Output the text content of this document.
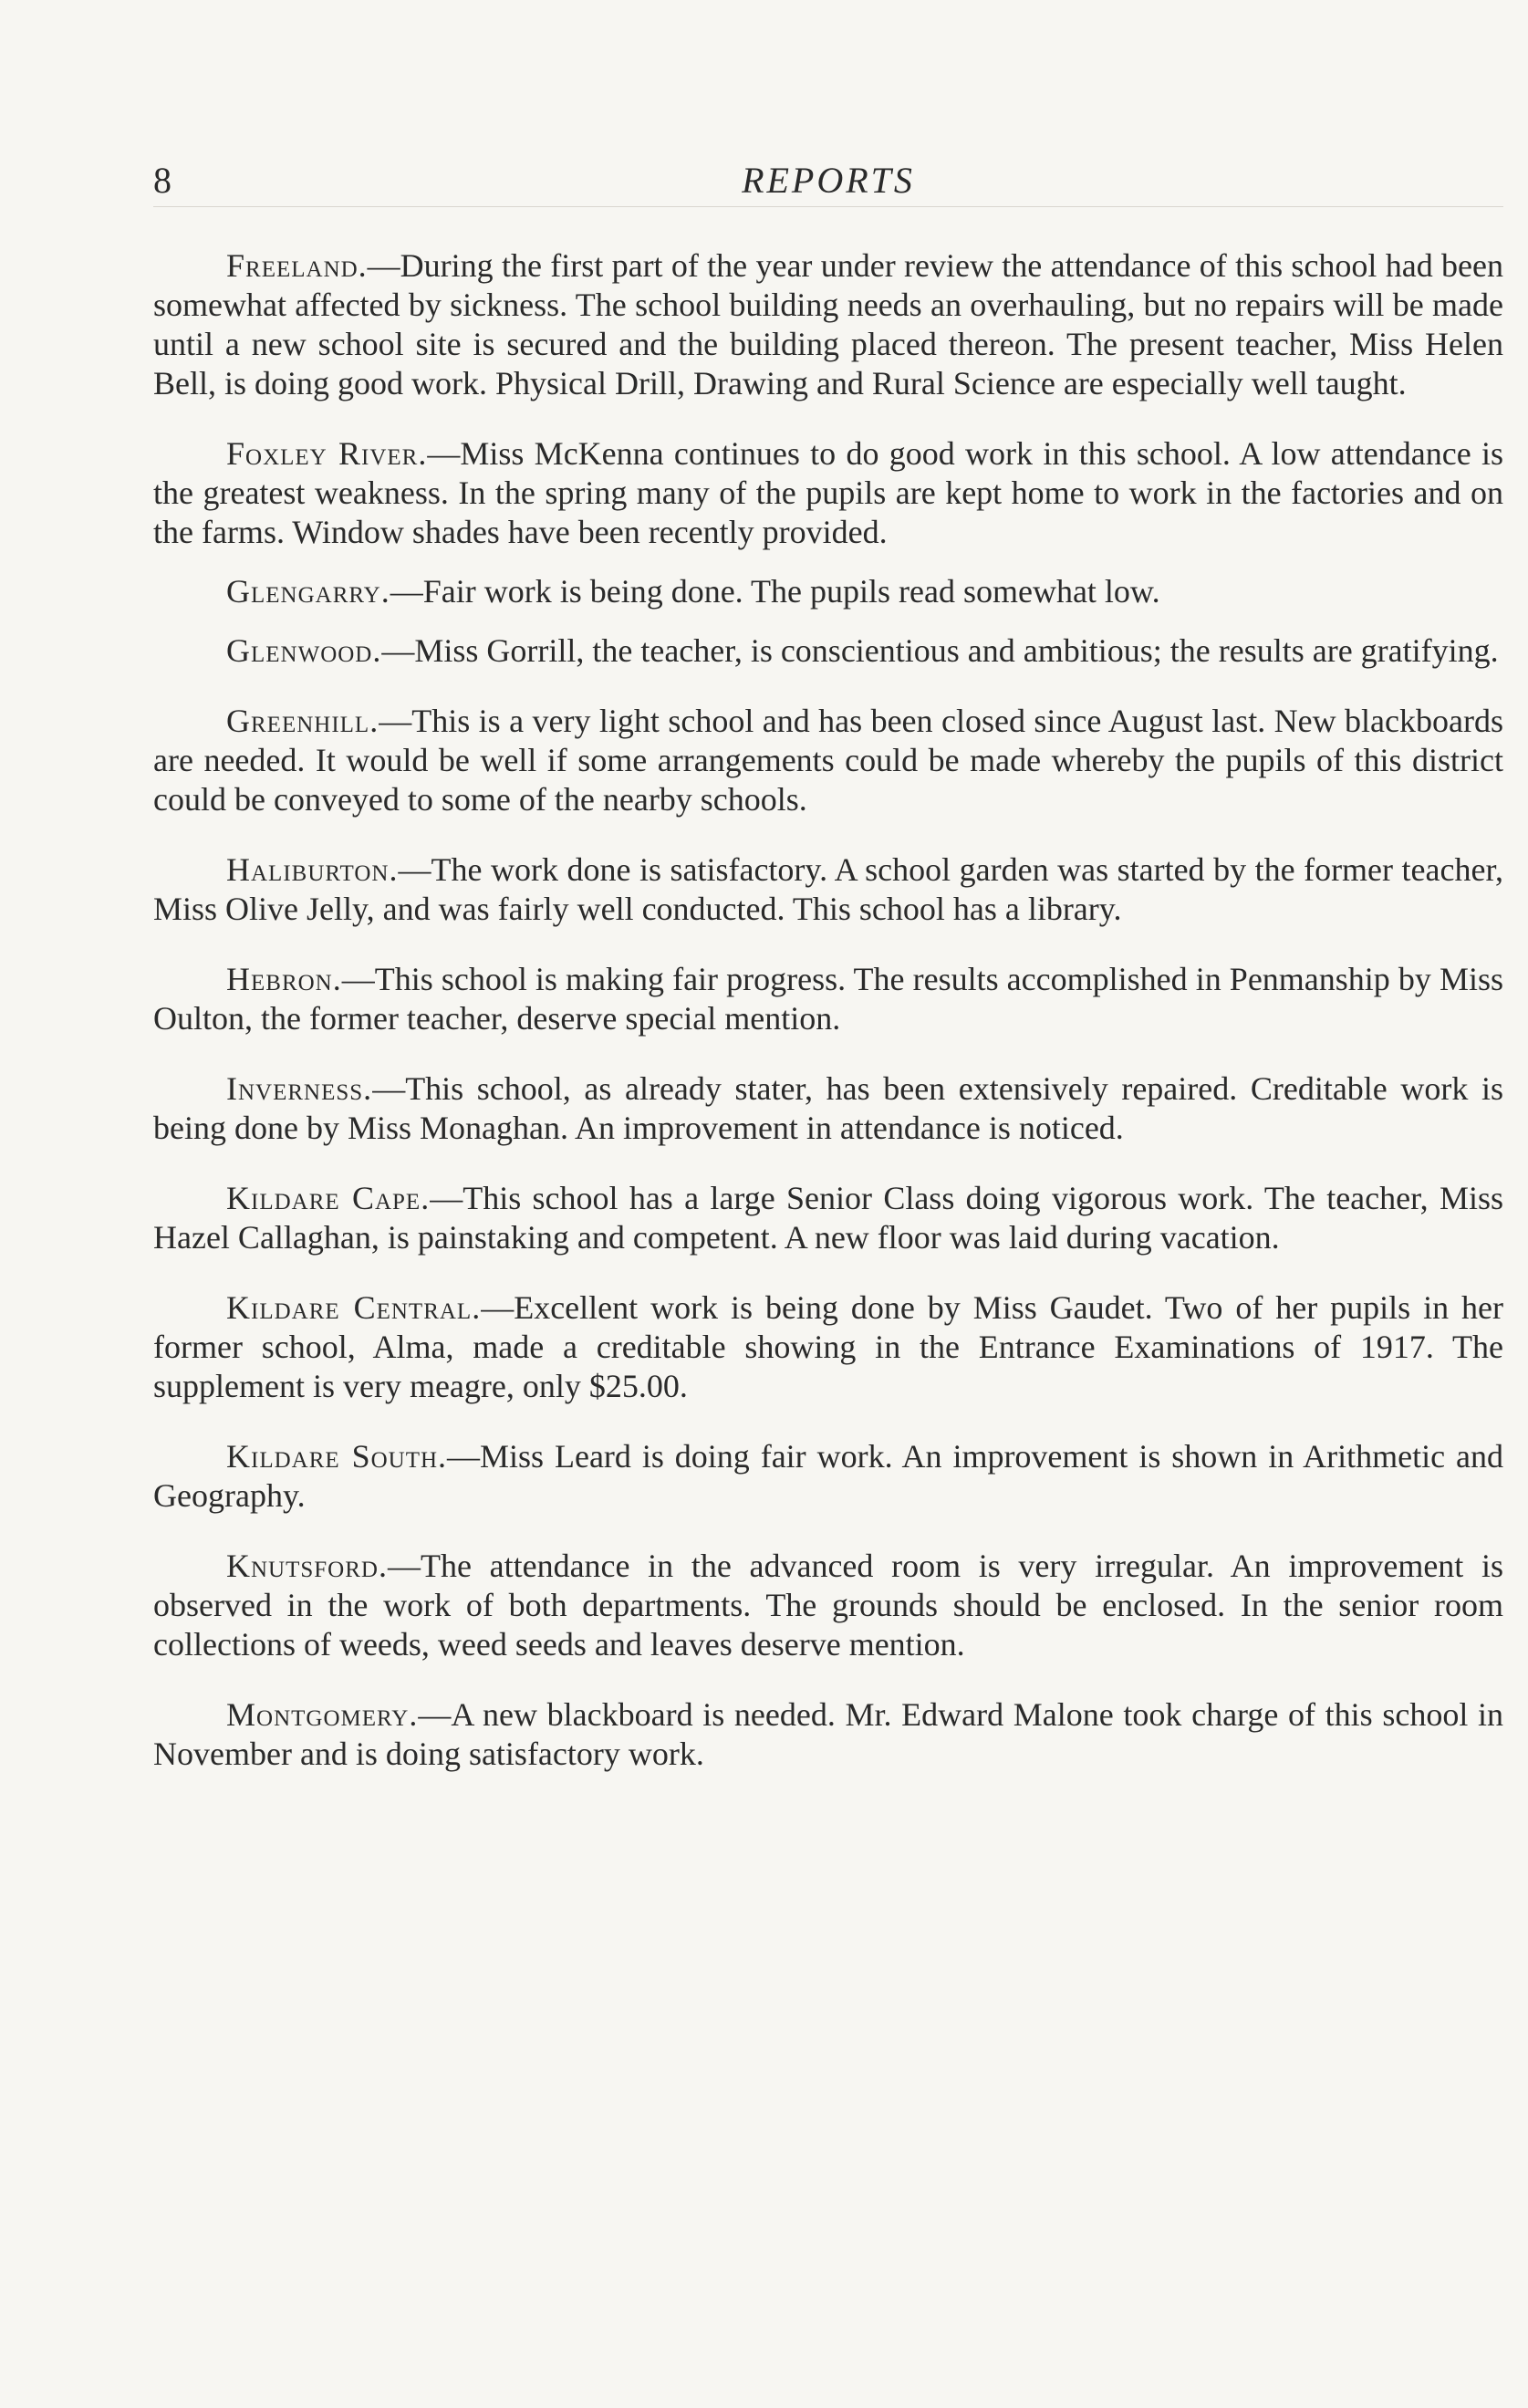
8	REPORTS

Freeland.—During the first part of the year under review the attendance of this school had been somewhat affected by sickness. The school building needs an overhauling, but no repairs will be made until a new school site is secured and the building placed thereon. The present teacher, Miss Helen Bell, is doing good work. Physical Drill, Drawing and Rural Science are especially well taught.

Foxley River.—Miss McKenna continues to do good work in this school. A low attendance is the greatest weakness. In the spring many of the pupils are kept home to work in the factories and on the farms. Window shades have been recently provided.

Glengarry.—Fair work is being done. The pupils read somewhat low.

Glenwood.—Miss Gorrill, the teacher, is conscientious and ambitious; the results are gratifying.

Greenhill.—This is a very light school and has been closed since August last. New blackboards are needed. It would be well if some arrangements could be made whereby the pupils of this district could be conveyed to some of the nearby schools.

Haliburton.—The work done is satisfactory. A school garden was started by the former teacher, Miss Olive Jelly, and was fairly well conducted. This school has a library.

Hebron.—This school is making fair progress. The results accomplished in Penmanship by Miss Oulton, the former teacher, deserve special mention.

Inverness.—This school, as already stater, has been extensively repaired. Creditable work is being done by Miss Monaghan. An improvement in attendance is noticed.

Kildare Cape.—This school has a large Senior Class doing vigorous work. The teacher, Miss Hazel Callaghan, is painstaking and competent. A new floor was laid during vacation.

Kildare Central.—Excellent work is being done by Miss Gaudet. Two of her pupils in her former school, Alma, made a creditable showing in the Entrance Examinations of 1917. The supplement is very meagre, only $25.00.

Kildare South.—Miss Leard is doing fair work. An improvement is shown in Arithmetic and Geography.

Knutsford.—The attendance in the advanced room is very irregular. An improvement is observed in the work of both departments. The grounds should be enclosed. In the senior room collections of weeds, weed seeds and leaves deserve mention.

Montgomery.—A new blackboard is needed. Mr. Edward Malone took charge of this school in November and is doing satisfactory work.
